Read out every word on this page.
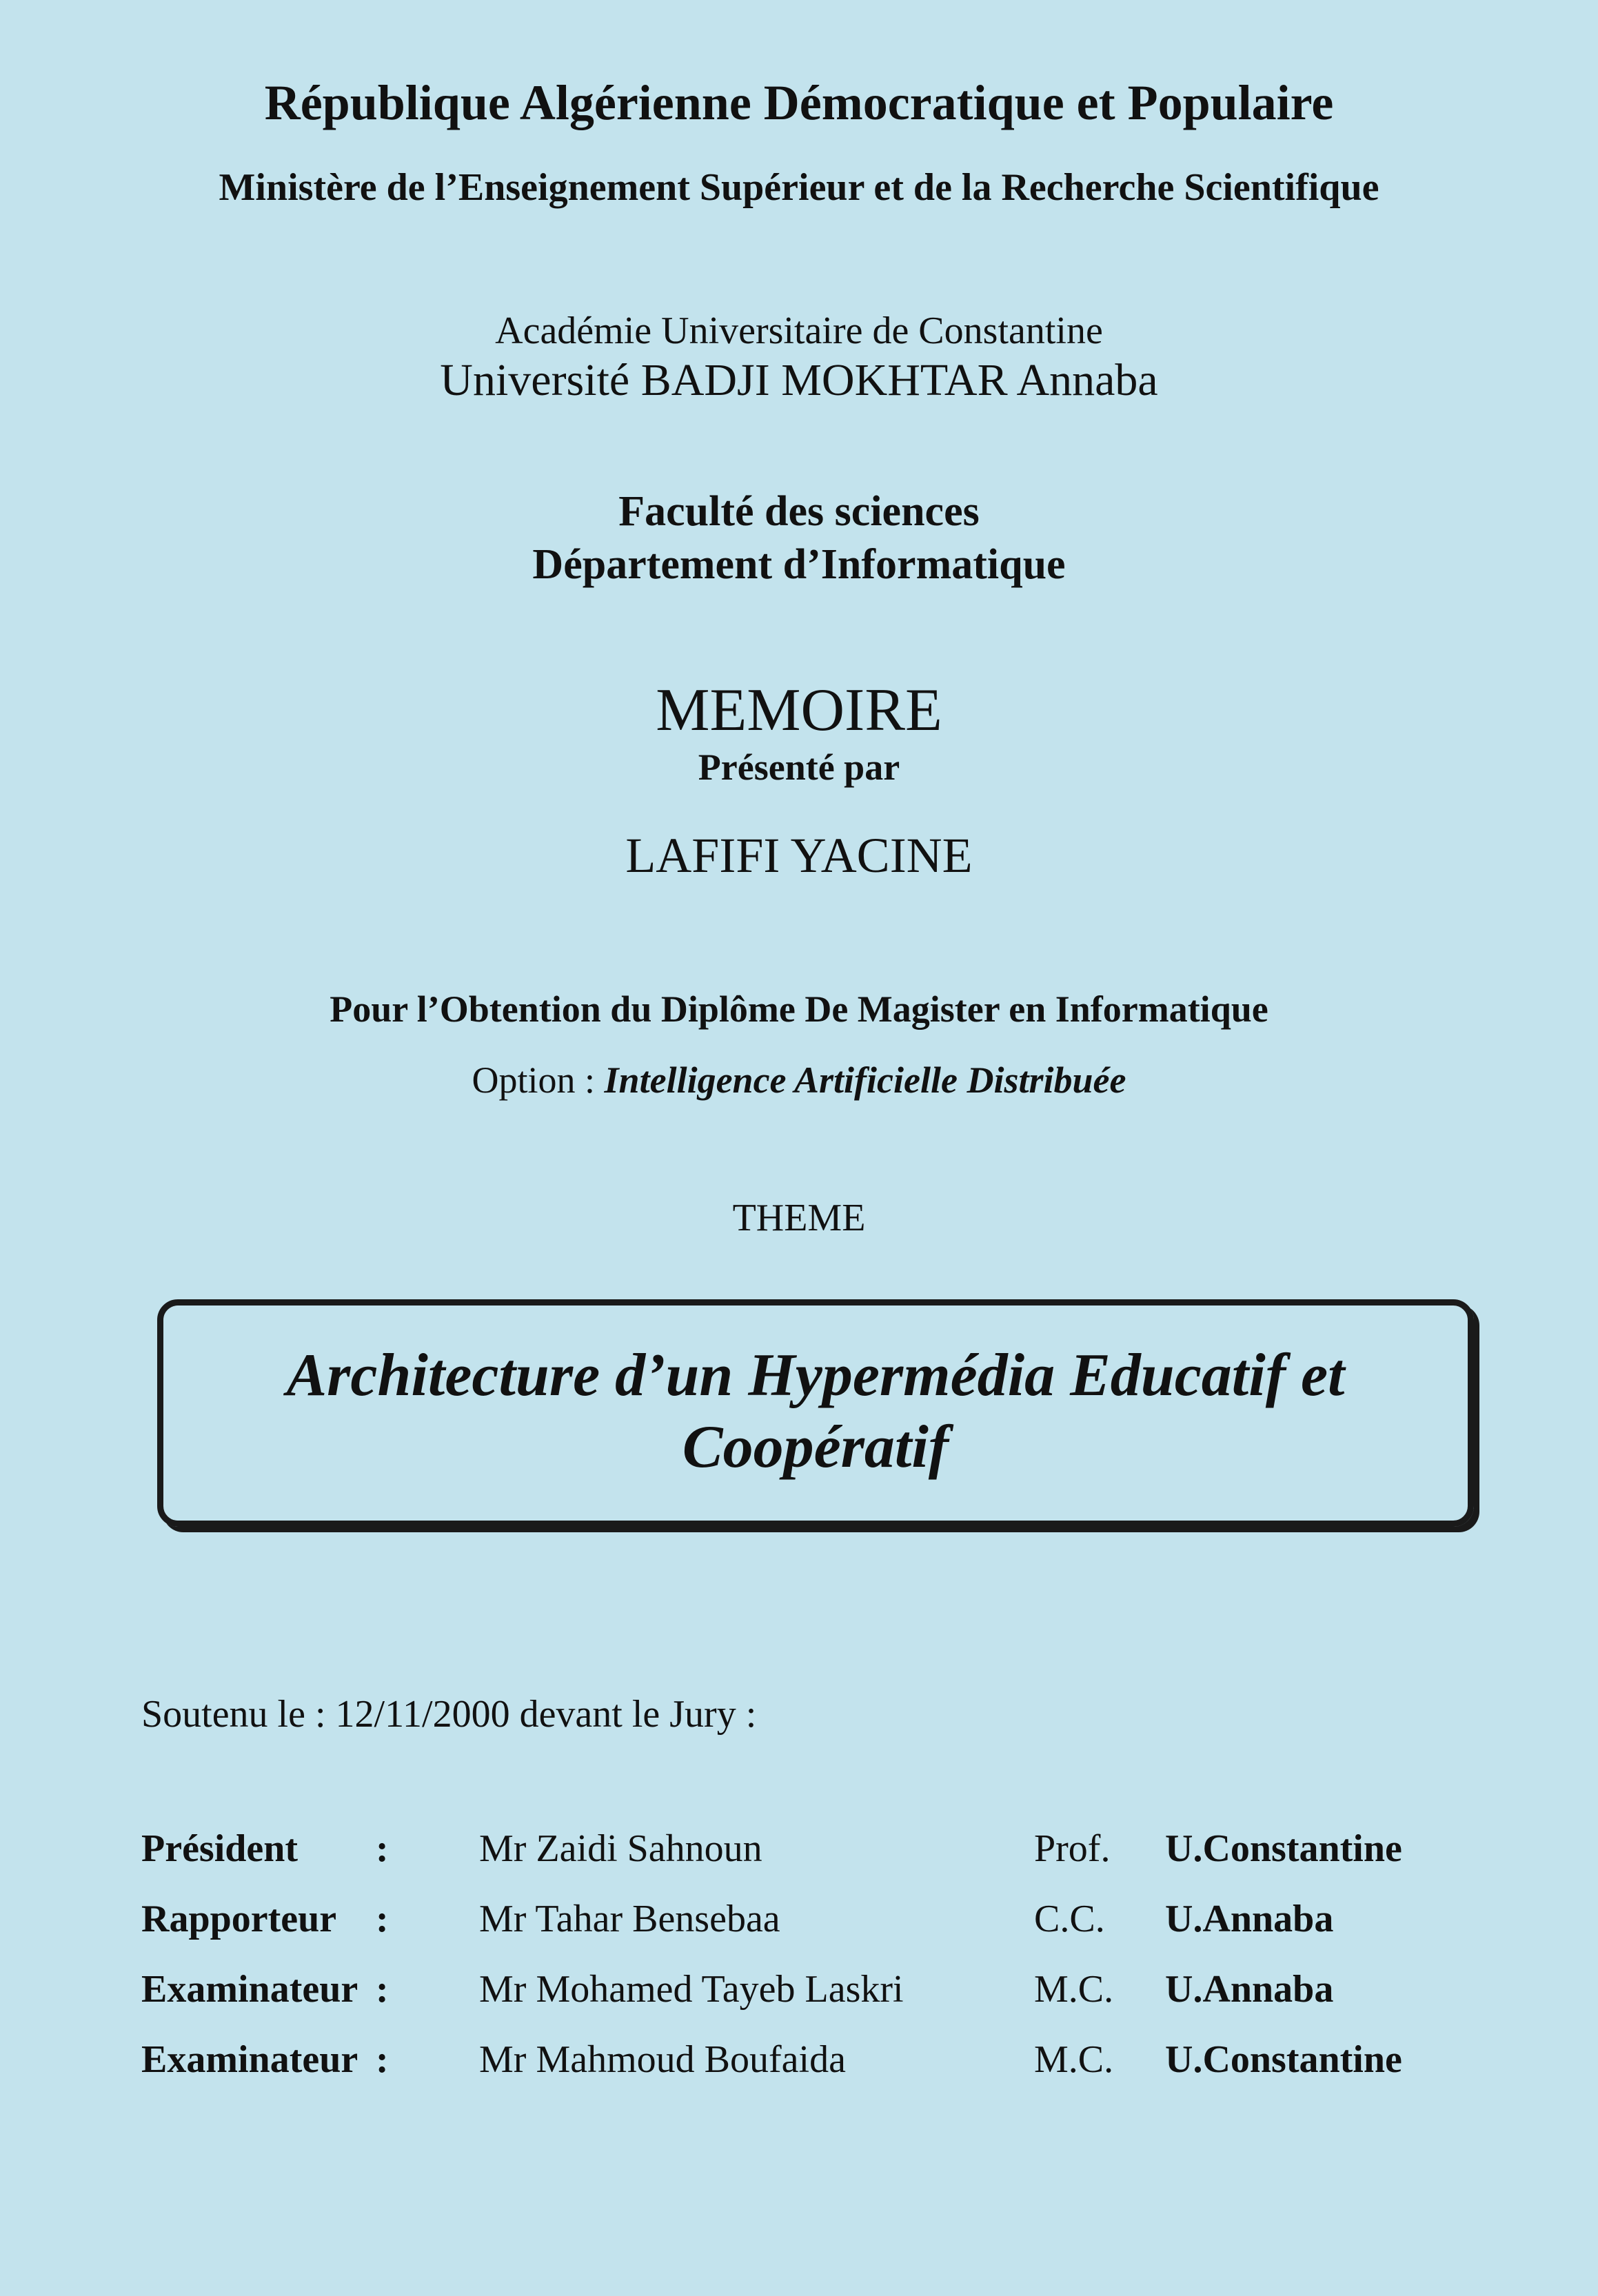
République Algérienne Démocratique et Populaire
Ministère de l’Enseignement Supérieur et de la Recherche Scientifique
Académie Universitaire de Constantine
Université BADJI MOKHTAR Annaba
Faculté des sciences
Département d’Informatique
MEMOIRE
Présenté par
LAFIFI YACINE
Pour l’Obtention du Diplôme De Magister en Informatique
Option : Intelligence Artificielle Distribuée
THEME
Architecture d’un Hypermédia Educatif et
Coopératif
Soutenu le : 12/11/2000 devant le Jury :
Président : Mr Zaidi Sahnoun	Prof. U.Constantine
Rapporteur : Mr Tahar Bensebaa	C.C. U.Annaba
Examinateur : Mr Mohamed Tayeb Laskri	M.C. U.Annaba
Examinateur : Mr Mahmoud Boufaida	M.C. U.Constantine
